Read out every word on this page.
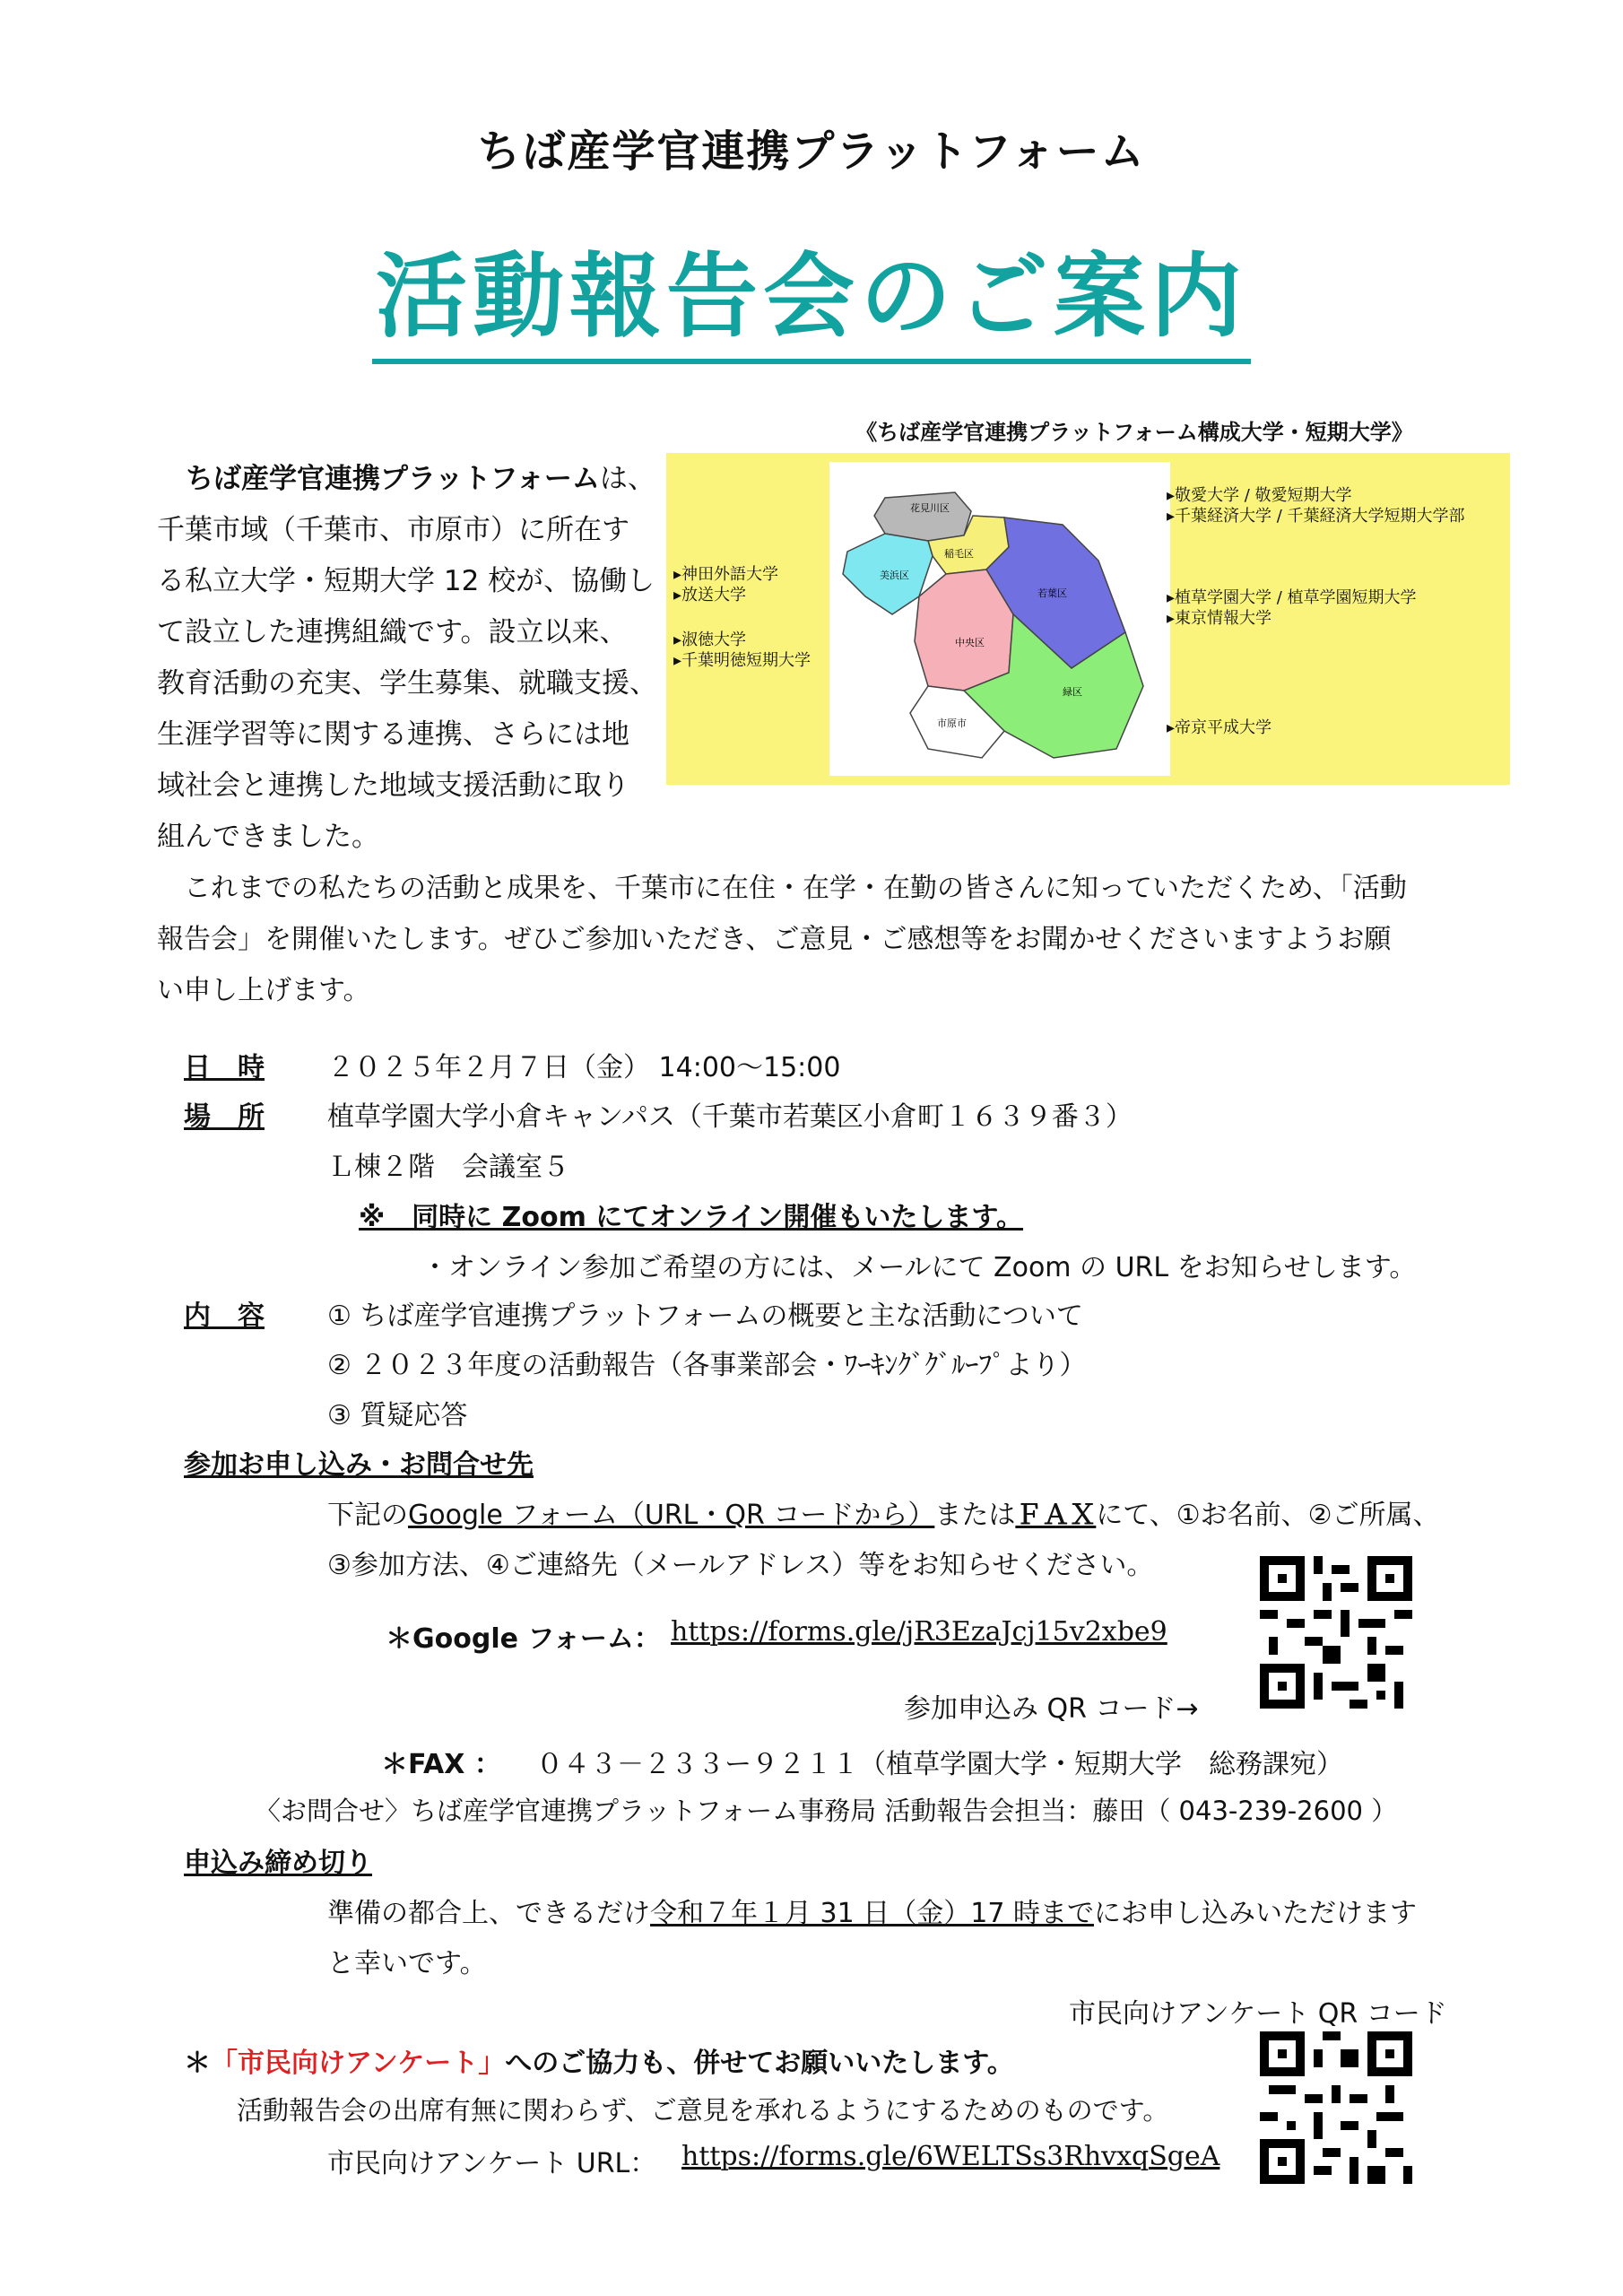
ちば産学官連携プラットフォーム
活動報告会のご案内
《ちば産学官連携プラットフォーム構成大学・短期大学》
花見川区
稲毛区
美浜区
若葉区
中央区
緑区
市原市
▸神田外語大学
▸放送大学
▸淑徳大学
▸千葉明徳短期大学
▸敬愛大学 / 敬愛短期大学
▸千葉経済大学 / 千葉経済大学短期大学部
▸植草学園大学 / 植草学園短期大学
▸東京情報大学
▸帝京平成大学
ちば産学官連携プラットフォームは、
千葉市域（千葉市、市原市）に所在す
る私立大学・短期大学 12 校が、協働し
て設立した連携組織です。設立以来、
教育活動の充実、学生募集、就職支援、
生涯学習等に関する連携、さらには地
域社会と連携した地域支援活動に取り
組んできました。
　これまでの私たちの活動と成果を、千葉市に在住・在学・在勤の皆さんに知っていただくため、「活動
報告会」を開催いたします。ぜひご参加いただき、ご意見・ご感想等をお聞かせくださいますようお願
い申し上げます。
日　時 ２０２５年２月７日（金） 14:00～15:00
場　所 植草学園大学小倉キャンパス（千葉市若葉区小倉町１６３９番３）
Ｌ棟２階　会議室５
※　同時に Zoom にてオンライン開催もいたします。
・オンライン参加ご希望の方には、メールにて Zoom の URL をお知らせします。
内　容 ① ちば産学官連携プラットフォームの概要と主な活動について
② ２０２３年度の活動報告（各事業部会・ﾜｰｷﾝｸﾞｸﾞﾙｰﾌﾟより）
③ 質疑応答
参加お申し込み・お問合せ先
下記のGoogle フォーム（URL・QR コードから）またはＦＡＸにて、①お名前、②ご所属、
③参加方法、④ご連絡先（メールアドレス）等をお知らせください。
＊Google フォーム： https://forms.gle/jR3EzaJcj15v2xbe9
参加申込み QR コード→
＊FAX ： ０４３－２３３ー９２１１（植草学園大学・短期大学　総務課宛）
〈お問合せ〉ちば産学官連携プラットフォーム事務局 活動報告会担当：藤田（ 043-239-2600 ）
申込み締め切り
準備の都合上、できるだけ令和７年１月 31 日（金）17 時までにお申し込みいただけます
と幸いです。
市民向けアンケート QR コード
＊「市民向けアンケート」へのご協力も、併せてお願いいたします。
活動報告会の出席有無に関わらず、ご意見を承れるようにするためのものです。
市民向けアンケート URL： https://forms.gle/6WELTSs3RhvxqSgeA
